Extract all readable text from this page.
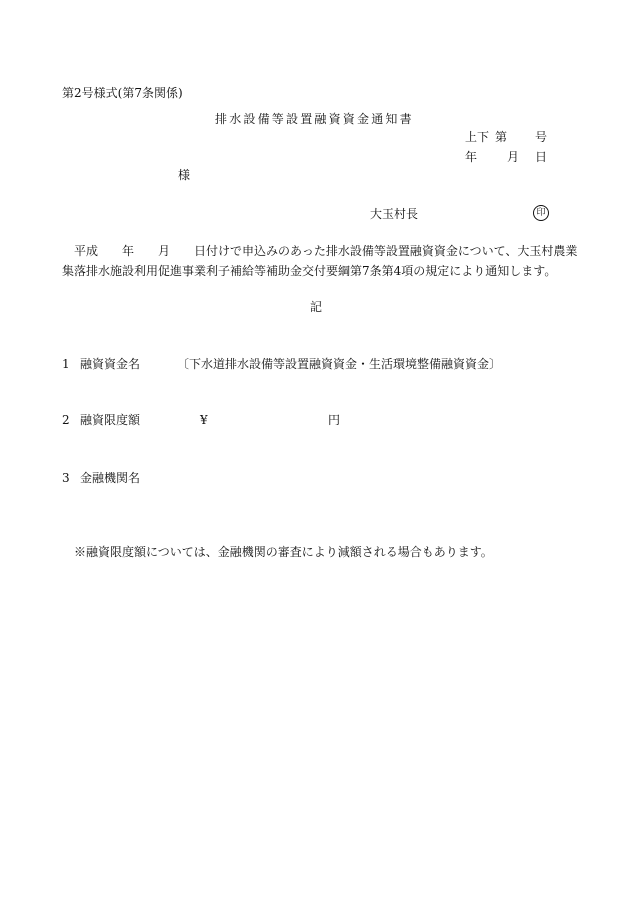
第2号様式(第7条関係)
排水設備等設置融資資金通知書
上下 第 号
年 月 日
様
大玉村長	印
平成　　年　　月　　日付けで申込みのあった排水設備等設置融資資金について、大玉村農業集落排水施設利用促進事業利子補給等補助金交付要綱第7条第4項の規定により通知します。
記
1 融資資金名	〔下水道排水設備等設置融資資金・生活環境整備融資資金〕
2 融資限度額	¥	円
3 金融機関名
※融資限度額については、金融機関の審査により減額される場合もあります。
